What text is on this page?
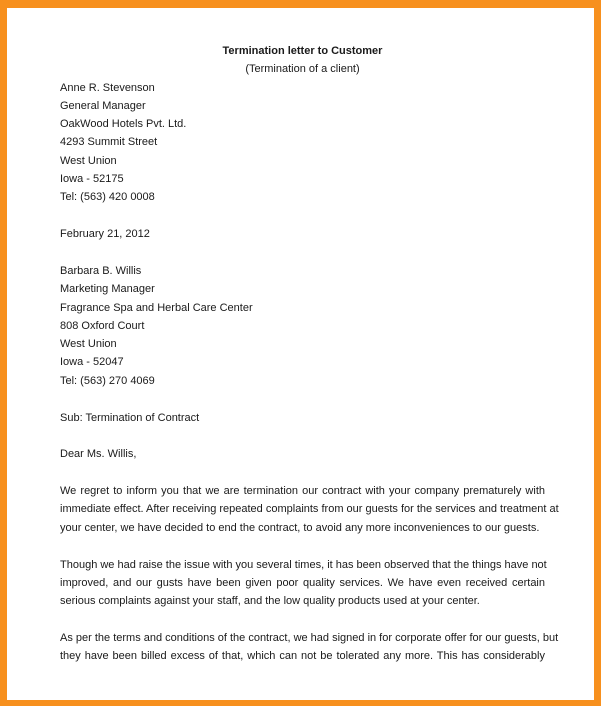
Termination letter to Customer
(Termination of a client)
Anne R. Stevenson
General Manager
OakWood Hotels Pvt. Ltd.
4293 Summit Street
West Union
Iowa - 52175
Tel: (563) 420 0008
February 21, 2012
Barbara B. Willis
Marketing Manager
Fragrance Spa and Herbal Care Center
808 Oxford Court
West Union
Iowa - 52047
Tel: (563) 270 4069
Sub: Termination of Contract
Dear Ms. Willis,

We regret to inform you that we are termination our contract with your company prematurely with
immediate effect. After receiving repeated complaints from our guests for the services and treatment at
your center, we have decided to end the contract, to avoid any more inconveniences to our guests.

Though we had raise the issue with you several times, it has been observed that the things have not
improved, and our gusts have been given poor quality services. We have even received certain
serious complaints against your staff, and the low quality products used at your center.

As per the terms and conditions of the contract, we had signed in for corporate offer for our guests, but
they have been billed excess of that, which can not be tolerated any more. This has considerably
